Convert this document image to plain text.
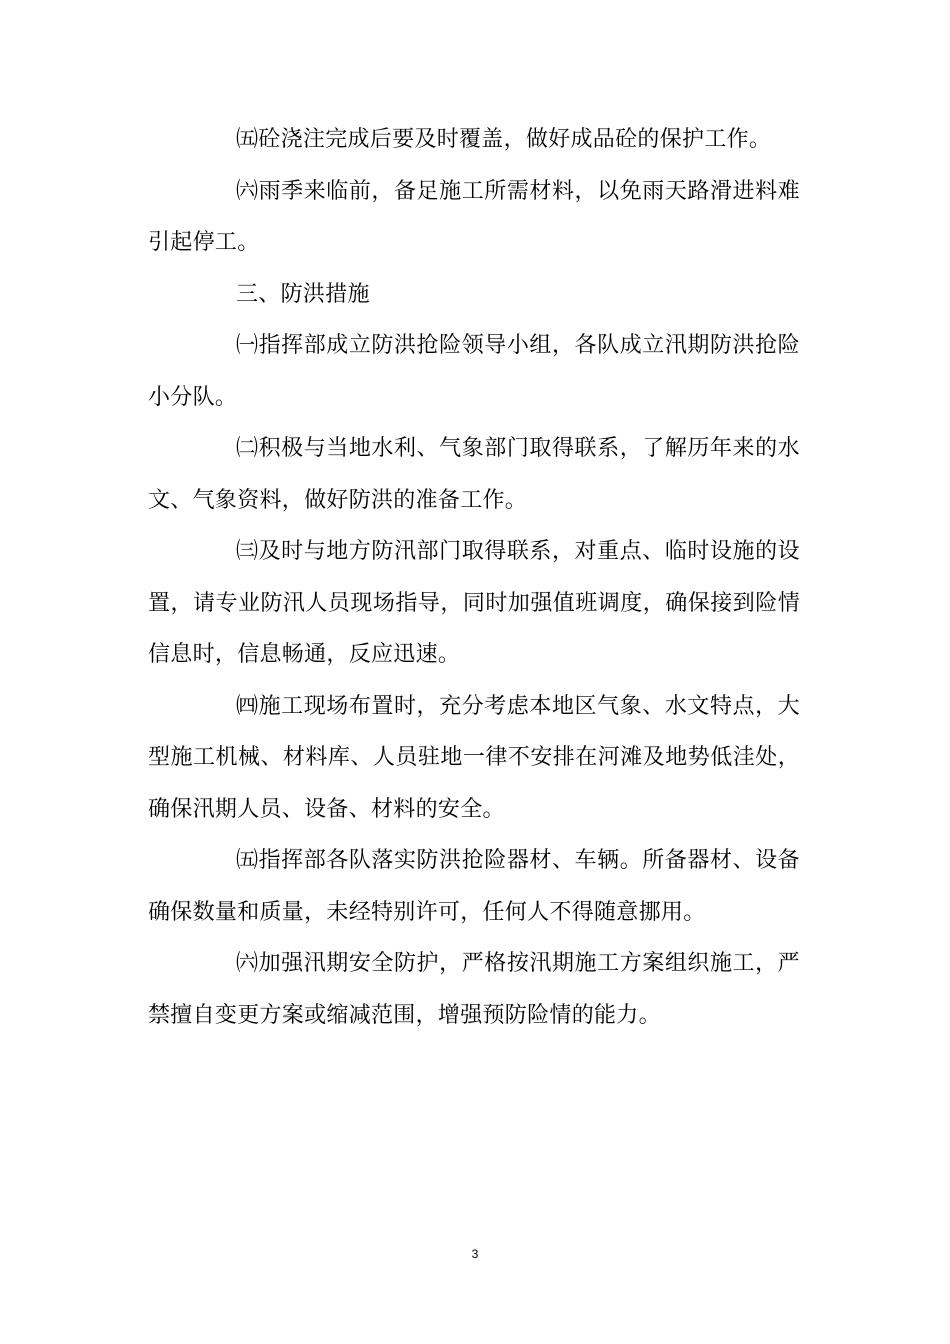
㈤砼浇注完成后要及时覆盖，做好成品砼的保护工作。

㈥雨季来临前，备足施工所需材料，以免雨天路滑进料难引起停工。

三、防洪措施

㈠指挥部成立防洪抢险领导小组，各队成立汛期防洪抢险小分队。

㈡积极与当地水利、气象部门取得联系，了解历年来的水文、气象资料，做好防洪的准备工作。

㈢及时与地方防汛部门取得联系，对重点、临时设施的设置，请专业防汛人员现场指导，同时加强值班调度，确保接到险情信息时，信息畅通，反应迅速。

㈣施工现场布置时，充分考虑本地区气象、水文特点，大型施工机械、材料库、人员驻地一律不安排在河滩及地势低洼处，确保汛期人员、设备、材料的安全。

㈤指挥部各队落实防洪抢险器材、车辆。所备器材、设备确保数量和质量，未经特别许可，任何人不得随意挪用。

㈥加强汛期安全防护，严格按汛期施工方案组织施工，严禁擅自变更方案或缩减范围，增强预防险情的能力。

3
